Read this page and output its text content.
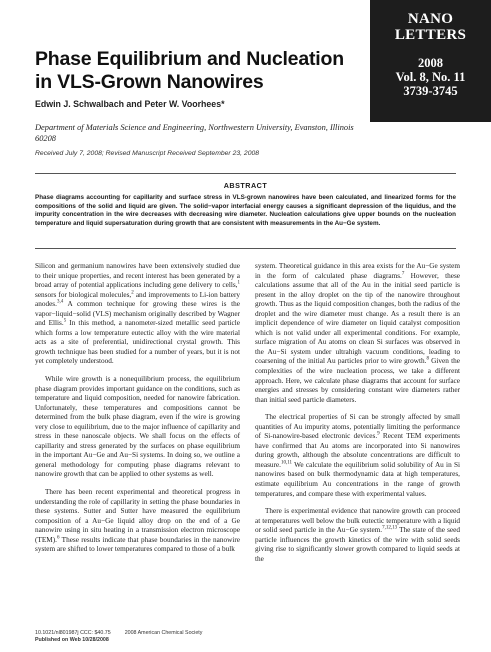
NANO
LETTERS
2008
Vol. 8, No. 11
3739-3745
Phase Equilibrium and Nucleation in VLS-Grown Nanowires
Edwin J. Schwalbach and Peter W. Voorhees*
Department of Materials Science and Engineering, Northwestern University, Evanston, Illinois 60208
Received July 7, 2008; Revised Manuscript Received September 23, 2008
ABSTRACT
Phase diagrams accounting for capillarity and surface stress in VLS-grown nanowires have been calculated, and linearized forms for the compositions of the solid and liquid are given. The solid−vapor interfacial energy causes a significant depression of the liquidus, and the impurity concentration in the wire decreases with decreasing wire diameter. Nucleation calculations give upper bounds on the nucleation temperature and liquid supersaturation during growth that are consistent with measurements in the Au−Ge system.

Silicon and germanium nanowires have been extensively studied due to their unique properties, and recent interest has been generated by a broad array of potential applications including gene delivery to cells,$^1$ sensors for biological molecules,$^2$ and improvements to Li-ion battery anodes.$^{3,4}$ A common technique for growing these wires is the vapor−liquid−solid (VLS) mechanism originally described by Wagner and Ellis.$^5$ In this method, a nanometer-sized metallic seed particle which forms a low temperature eutectic alloy with the wire material acts as a site of preferential, unidirectional crystal growth. This growth technique has been studied for a number of years, but it is not yet completely understood.

While wire growth is a nonequilibrium process, the equilibrium phase diagram provides important guidance on the conditions, such as temperature and liquid composition, needed for nanowire fabrication. Unfortunately, these temperatures and compositions cannot be determined from the bulk phase diagram, even if the wire is growing very close to equilibrium, due to the major influence of capillarity and stress in these nanoscale objects. We shall focus on the effects of capillarity and stress generated by the surfaces on phase equilibrium in the important Au−Ge and Au−Si systems. In doing so, we outline a general methodology for computing phase diagrams relevant to nanowire growth that can be applied to other systems as well.

There has been recent experimental and theoretical progress in understanding the role of capillarity in setting the phase boundaries in these systems. Sutter and Sutter have measured the equilibrium composition of a Au−Ge liquid alloy drop on the end of a Ge nanowire using in situ heating in a transmission electron microscope (TEM).$^6$ These results indicate that phase boundaries in the nanowire system are shifted to lower temperatures compared to those of a bulk

system. Theoretical guidance in this area exists for the Au−Ge system in the form of calculated phase diagrams.$^7$ However, these calculations assume that all of the Au in the initial seed particle is present in the alloy droplet on the tip of the nanowire throughout growth. Thus as the liquid composition changes, both the radius of the droplet and the wire diameter must change. As a result there is an implicit dependence of wire diameter on liquid catalyst composition which is not valid under all experimental conditions. For example, surface migration of Au atoms on clean Si surfaces was observed in the Au−Si system under ultrahigh vacuum conditions, leading to coarsening of the initial Au particles prior to wire growth.$^8$ Given the complexities of the wire nucleation process, we take a different approach. Here, we calculate phase diagrams that account for surface energies and stresses by considering constant wire diameters rather than initial seed particle diameters.

The electrical properties of Si can be strongly affected by small quantities of Au impurity atoms, potentially limiting the performance of Si-nanowire-based electronic devices.$^9$ Recent TEM experiments have confirmed that Au atoms are incorporated into Si nanowires during growth, although the absolute concentrations are difficult to measure.$^{10,11}$ We calculate the equilibrium solid solubility of Au in Si nanowires based on bulk thermodynamic data at high temperatures, estimate equilibrium Au concentrations in the range of growth temperatures, and compare these with experimental values.

There is experimental evidence that nanowire growth can proceed at temperatures well below the bulk eutectic temperature with a liquid or solid seed particle in the Au−Ge system.$^{7,12,13}$ The state of the seed particle influences the growth kinetics of the wire with solid seeds giving rise to significantly slower growth compared to liquid seeds at the

10.1021/nl801987j CCC: $40.75	2008 American Chemical Society
Published on Web 10/28/2008
